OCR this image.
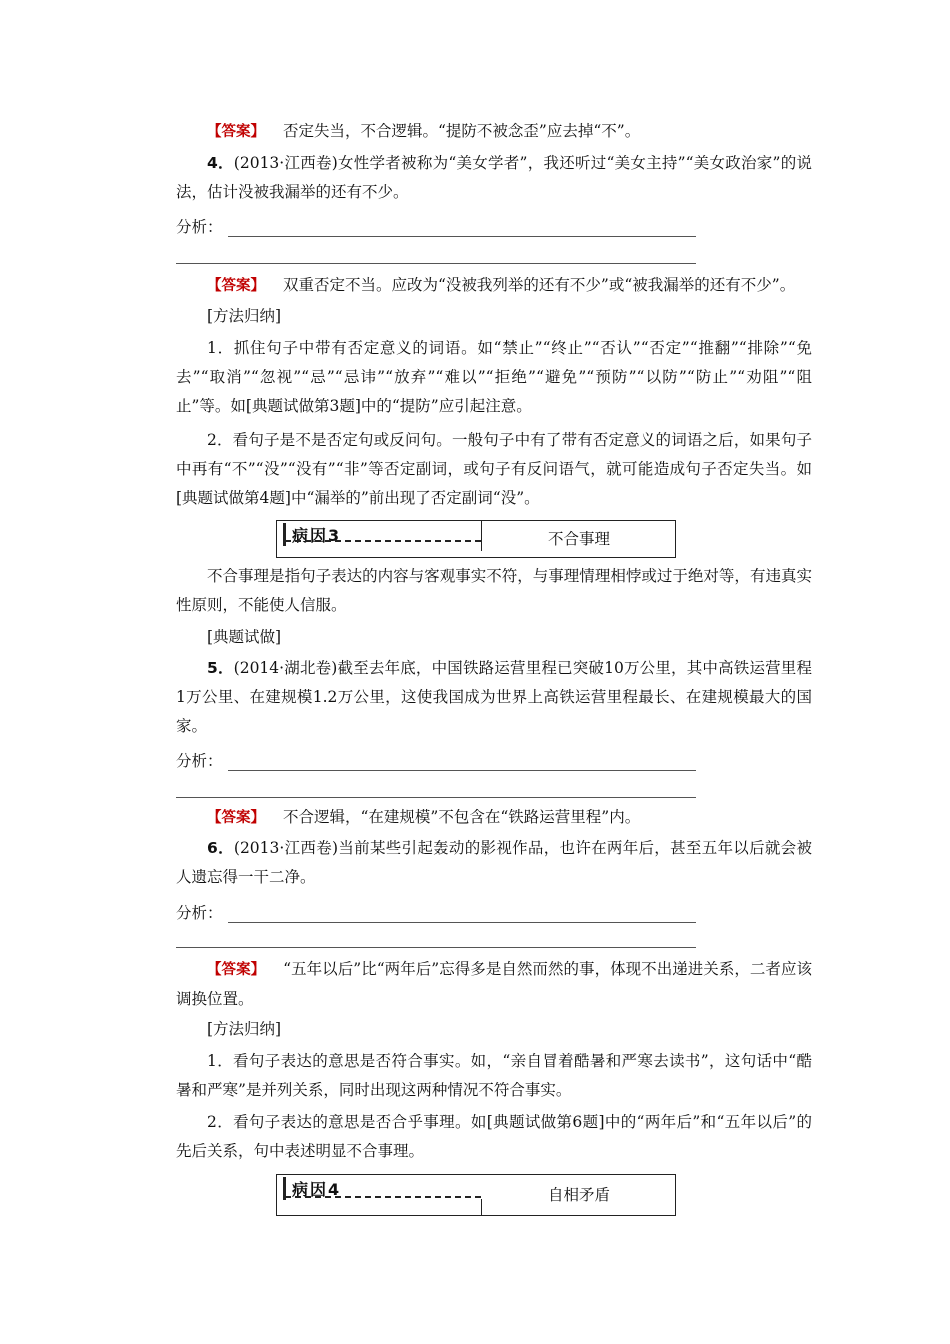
【答案】 否定失当，不合逻辑。“提防不被念歪”应去掉“不”。

4．(2013·江西卷)女性学者被称为“美女学者”，我还听过“美女主持”“美女政治家”的说法，估计没被我漏举的还有不少。

分析：

【答案】 双重否定不当。应改为“没被我列举的还有不少”或“被我漏举的还有不少”。

[方法归纳]

1．抓住句子中带有否定意义的词语。如“禁止”“终止”“否认”“否定”“推翻”“排除”“免去”“取消”“忽视”“忌”“忌讳”“放弃”“难以”“拒绝”“避免”“预防”“以防”“防止”“劝阻”“阻止”等。如[典题试做第3题]中的“提防”应引起注意。

2．看句子是不是否定句或反问句。一般句子中有了带有否定意义的词语之后，如果句子中再有“不”“没”“没有”“非”等否定副词，或句子有反问语气，就可能造成句子否定失当。如[典题试做第4题]中“漏举的”前出现了否定副词“没”。

病因3	不合事理

不合事理是指句子表达的内容与客观事实不符，与事理情理相悖或过于绝对等，有违真实性原则，不能使人信服。

[典题试做]

5．(2014·湖北卷)截至去年底，中国铁路运营里程已突破10万公里，其中高铁运营里程1万公里、在建规模1.2万公里，这使我国成为世界上高铁运营里程最长、在建规模最大的国家。

分析：

【答案】 不合逻辑，“在建规模”不包含在“铁路运营里程”内。

6．(2013·江西卷)当前某些引起轰动的影视作品，也许在两年后，甚至五年以后就会被人遗忘得一干二净。

分析：

【答案】 “五年以后”比“两年后”忘得多是自然而然的事，体现不出递进关系，二者应该调换位置。

[方法归纳]

1．看句子表达的意思是否符合事实。如，“亲自冒着酷暑和严寒去读书”，这句话中“酷暑和严寒”是并列关系，同时出现这两种情况不符合事实。

2．看句子表达的意思是否合乎事理。如[典题试做第6题]中的“两年后”和“五年以后”的先后关系，句中表述明显不合事理。

病因4	自相矛盾
